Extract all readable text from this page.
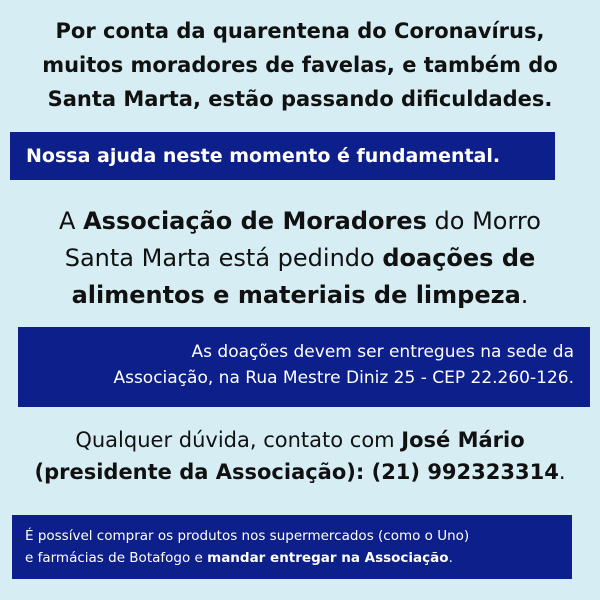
Por conta da quarentena do Coronavírus,
muitos moradores de favelas, e também do
Santa Marta, estão passando dificuldades.
Nossa ajuda neste momento é fundamental.
A Associação de Moradores do Morro
Santa Marta está pedindo doações de
alimentos e materiais de limpeza.
As doações devem ser entregues na sede da
Associação, na Rua Mestre Diniz 25 - CEP 22.260-126.
Qualquer dúvida, contato com José Mário
(presidente da Associação): (21) 992323314.
É possível comprar os produtos nos supermercados (como o Uno)
e farmácias de Botafogo e mandar entregar na Associação.
